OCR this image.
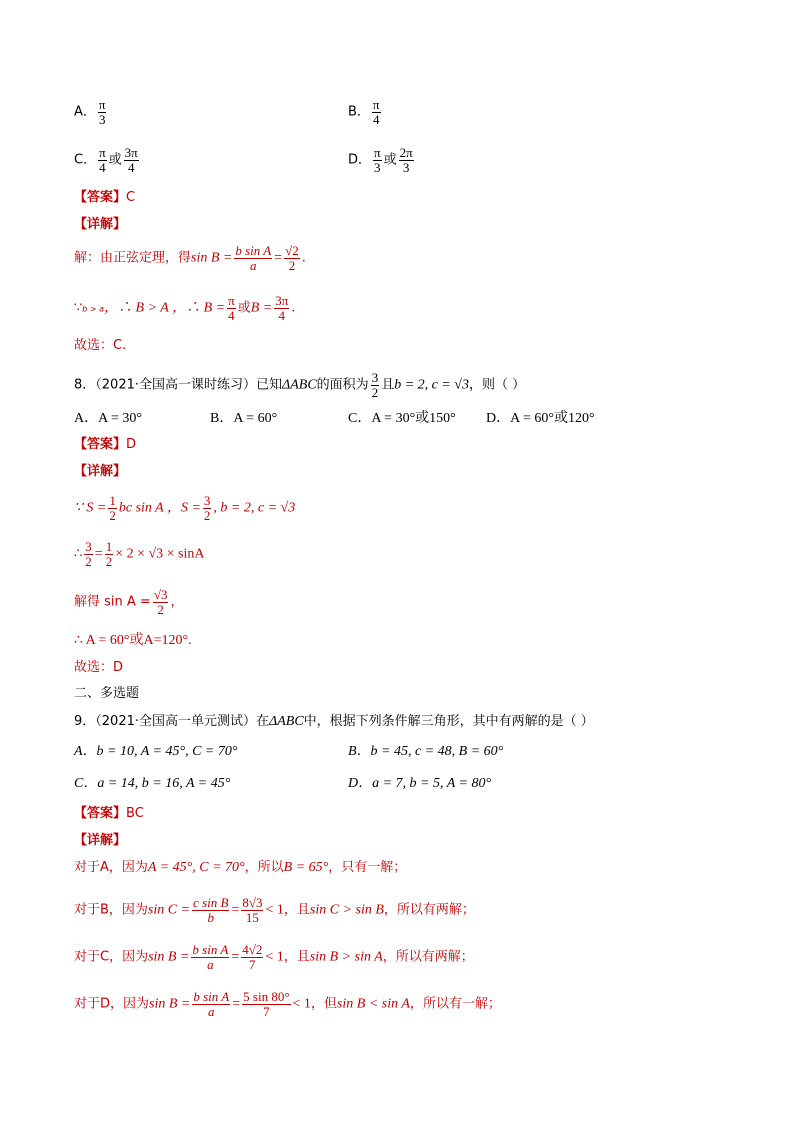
A． $\frac{\pi}{3}$	B． $\frac{\pi}{4}$
C． $\frac{\pi}{4}$ 或 $\frac{3\pi}{4}$	D． $\frac{\pi}{3}$ 或 $\frac{2\pi}{3}$
【答案】C
【详解】
解：由正弦定理，得$\sin B = \frac{\text{b sin A}}{a} = \frac{√2}{2}$ .
∵b > a，∴ B > A ，∴ $B = \frac{\pi}{4}$ 或$B = \frac{3\pi}{4}$ .
故选：C.
8．（2021·全国高一课时练习）已知ΔABC的面积为 $\frac{3}{2}$ 且b = 2, c = √3，则（ ）
A．A = 30°	B．A = 60°	C．A = 30°或150° D．A = 60°或120°
【答案】D
【详解】
∵ $S = \frac{1}{2}$ bc sin A ，$S = \frac{3}{2}$ , b = 2, c = √3
∴ $\frac{3}{2} = \frac{1}{2} \times 2 \times √3 \times \sin A$
解得 $\sin A = \frac{√3}{2}$ ，
∴ A = 60°或A=120°.
故选：D
二、多选题
9．（2021·全国高一单元测试）在ΔABC中，根据下列条件解三角形，其中有两解的是（ ）
A．b = 10, A = 45°, C = 70°	B．b = 45, c = 48, B = 60°
C．a = 14, b = 16, A = 45°	D．a = 7, b = 5, A = 80°
【答案】BC
【详解】
对于A，因为A = 45°, C = 70°，所以B = 65°，只有一解；
对于B，因为$\sin C = \frac{\text{c sin B}}{b} = \frac{8√3}{15} < 1$，且sin C > sin B，所以有两解；
对于C，因为$\sin B = \frac{\text{b sin A}}{a} = \frac{4√2}{7} < 1$，且sin B > sin A，所以有两解；
对于D，因为$\sin B = \frac{\text{b sin A}}{a} = \frac{5 \sin 80^\circ}{7} < 1$，但sin B < sin A，所以有一解；
